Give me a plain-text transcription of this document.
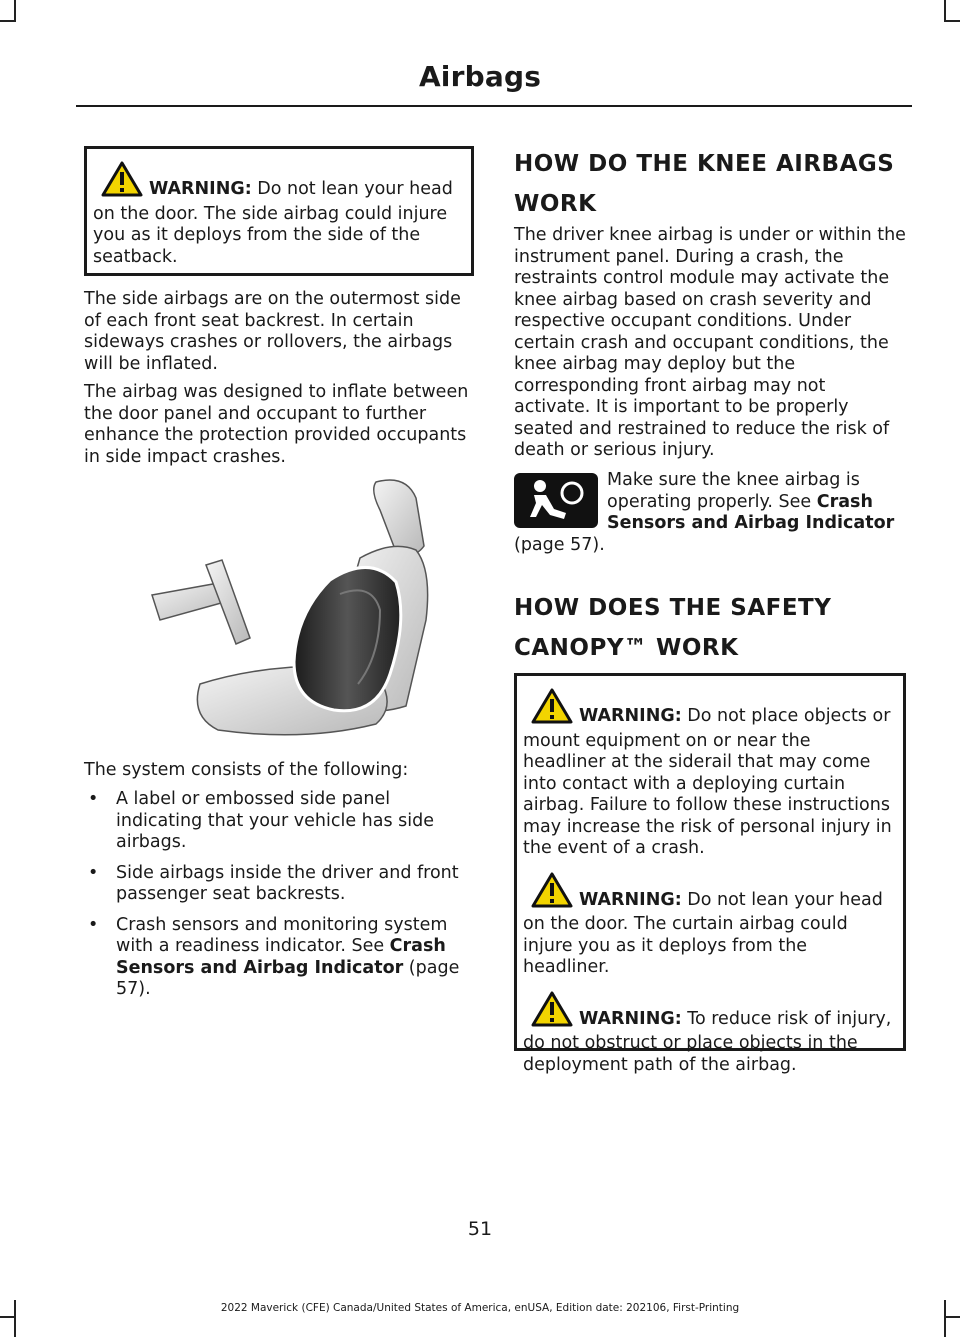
Airbags

WARNING: Do not lean your head on the door. The side airbag could injure you as it deploys from the side of the seatback.

The side airbags are on the outermost side of each front seat backrest. In certain sideways crashes or rollovers, the airbags will be inflated.

The airbag was designed to inflate between the door panel and occupant to further enhance the protection provided occupants in side impact crashes.

The system consists of the following:

• A label or embossed side panel indicating that your vehicle has side airbags.
• Side airbags inside the driver and front passenger seat backrests.
• Crash sensors and monitoring system with a readiness indicator. See Crash Sensors and Airbag Indicator (page 57).
HOW DO THE KNEE AIRBAGS
WORK

The driver knee airbag is under or within the instrument panel. During a crash, the restraints control module may activate the knee airbag based on crash severity and respective occupant conditions. Under certain crash and occupant conditions, the knee airbag may deploy but the corresponding front airbag may not activate. It is important to be properly seated and restrained to reduce the risk of death or serious injury.

Make sure the knee airbag is operating properly. See Crash Sensors and Airbag Indicator (page 57).

HOW DOES THE SAFETY
CANOPY™ WORK

WARNING: Do not place objects or mount equipment on or near the headliner at the siderail that may come into contact with a deploying curtain airbag. Failure to follow these instructions may increase the risk of personal injury in the event of a crash.

WARNING: Do not lean your head on the door. The curtain airbag could injure you as it deploys from the headliner.

WARNING: To reduce risk of injury, do not obstruct or place objects in the deployment path of the airbag.

51
2022 Maverick (CFE) Canada/United States of America, enUSA, Edition date: 202106, First-Printing
